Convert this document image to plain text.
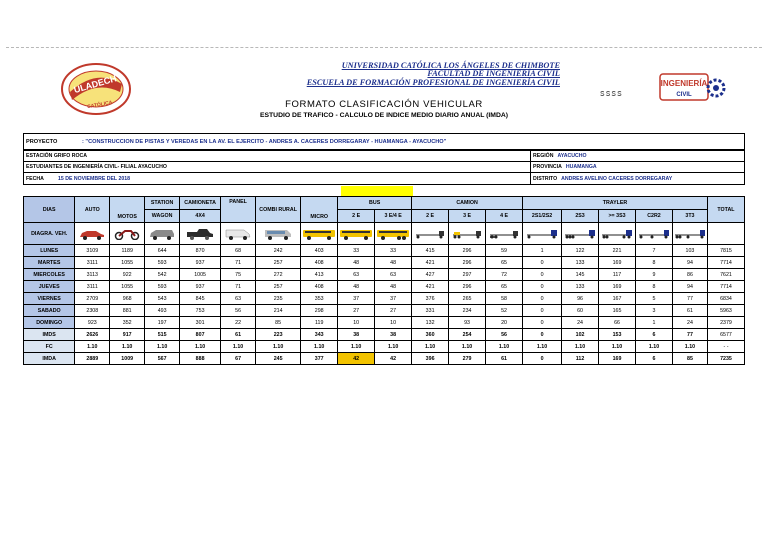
ULADECH
CATÓLICA
UNIVERSIDAD CATÓLICA LOS ÁNGELES DE CHIMBOTE
FACULTAD DE INGENIERÍA CIVIL
ESCUELA DE FORMACIÓN PROFESIONAL DE INGENIERÍA CIVIL
ꜱꜱꜱꜱ
INGENIERÍA
CIVIL
FORMATO CLASIFICACIÓN VEHICULAR
ESTUDIO DE TRAFICO - CALCULO DE INDICE MEDIO DIARIO ANUAL (IMDA)
PROYECTO	: "CONSTRUCCION DE PISTAS Y VEREDAS EN LA AV. EL EJERCITO - ANDRES A. CACERES DORREGARAY - HUAMANGA - AYACUCHO"
ESTACIÓN GRIFO ROCA	REGIÓN AYACUCHO
ESTUDIANTES DE INGENIERÍA CIVIL- FILIAL AYACUCHO	PROVINCIA HUAMANGA
FECHA	15 DE NOVIEMBRE DEL 2018	DISTRITO ANDRES AVELINO CACERES DORREGARAY
DIAS	AUTO	MOTOS	STATION	CAMIONETA	PANEL	COMBI RURAL	MICRO	BUS		CAMION			TRAYLER					TOTAL
			WAGON	4X4				2 E	3 E/4 E	2 E	3 E	4 E	2S1/2S2	2S3	>= 3S3	C2R2	3T3	
DIAGRA. VEH.	

LUNES	3109	1189	644	870	68	242	403	33	33	415	296	59	1	122	221	7	103	7815
MARTES	3111	1055	593	937	71	257	408	48	48	421	296	65	0	133	169	8	94	7714
MIERCOLES	3113	922	542	1005	75	272	413	63	63	427	297	72	0	145	117	9	86	7621
JUEVES	3111	1055	593	937	71	257	408	48	48	421	296	65	0	133	169	8	94	7714
VIERNES	2709	968	543	845	63	235	353	37	37	376	265	58	0	96	167	5	77	6834
SABADO	2308	881	493	753	56	214	298	27	27	331	234	52	0	60	165	3	61	5963
DOMINGO	923	352	197	301	22	85	119	10	10	132	93	20	0	24	66	1	24	2379
IMDS	2626	917	515	807	61	223	343	38	38	360	254	56	0	102	153	6	77	6577
FC	1.10	1.10	1.10	1.10	1.10	1.10	1.10	1.10	1.10	1.10	1.10	1.10	1.10	1.10	1.10	1.10	1.10	- -
IMDA	2889	1009	567	888	67	245	377	42	42	396	279	61	0	112	169	6	85	7235
